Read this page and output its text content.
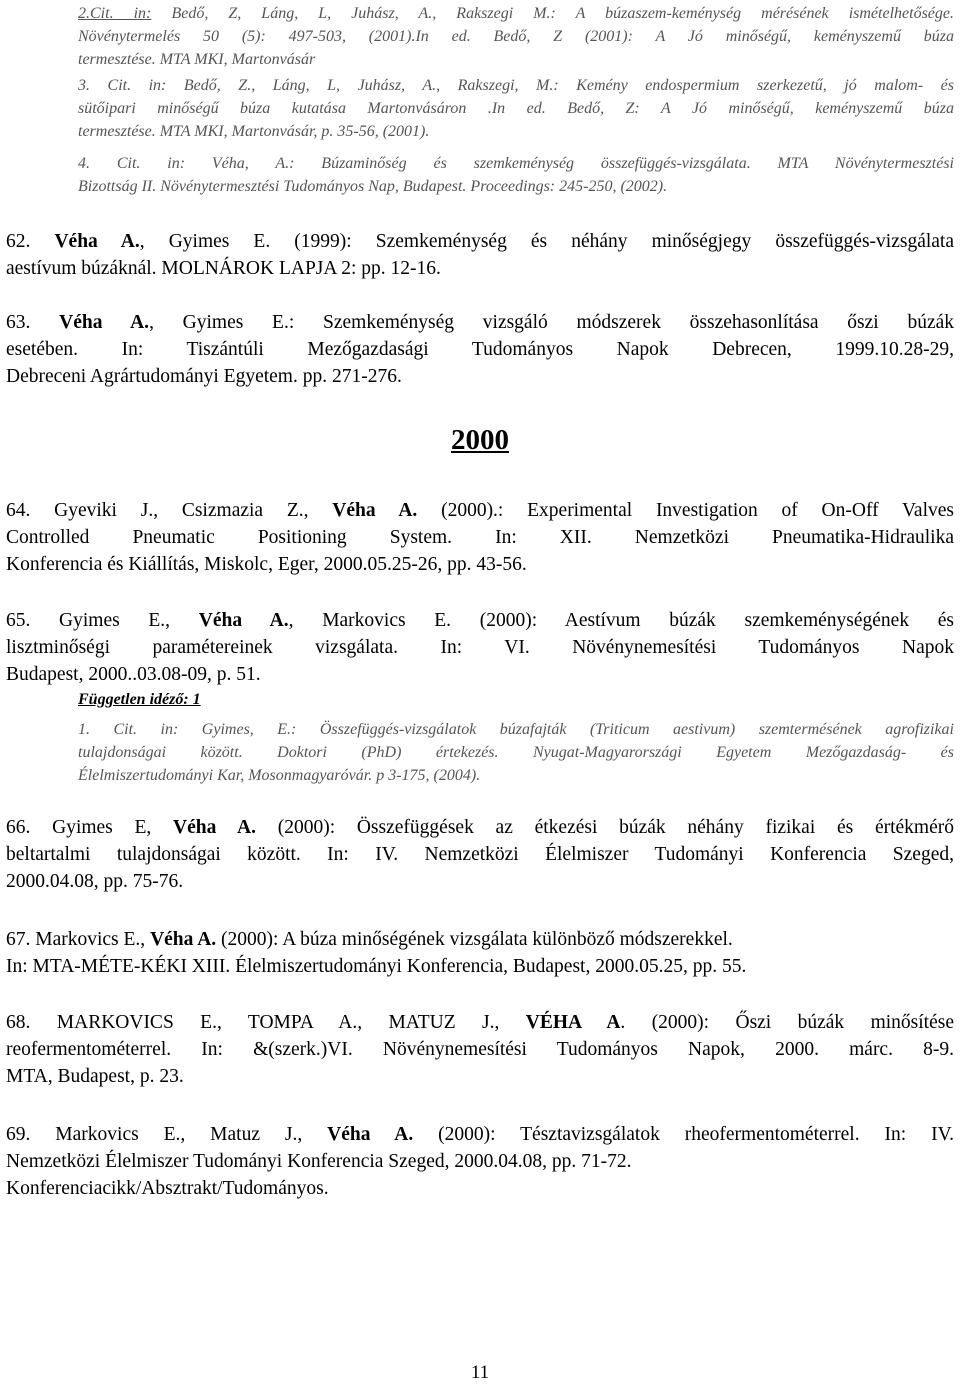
2.Cit. in: Bedő, Z, Láng, L, Juhász, A., Rakszegi M.: A búzaszem-keménység mérésének ismételhetősége.
Növénytermelés 50 (5): 497-503, (2001).In ed. Bedő, Z (2001): A Jó minőségű, keményszemű búza
termesztése. MTA MKI, Martonvásár
3. Cit. in: Bedő, Z., Láng, L, Juhász, A., Rakszegi, M.: Kemény endospermium szerkezetű, jó malom- és
sütőipari minőségű búza kutatása Martonvásáron .In ed. Bedő, Z: A Jó minőségű, keményszemű búza
termesztése. MTA MKI, Martonvásár, p. 35-56, (2001).
4. Cit. in: Véha, A.: Búzaminőség és szemkeménység összefüggés-vizsgálata. MTA Növénytermesztési
Bizottság II. Növénytermesztési Tudományos Nap, Budapest. Proceedings: 245-250, (2002).
62. Véha A., Gyimes E. (1999): Szemkeménység és néhány minőségjegy összefüggés-vizsgálata
aestívum búzáknál. MOLNÁROK LAPJA 2: pp. 12-16.
63. Véha A., Gyimes E.: Szemkeménység vizsgáló módszerek összehasonlítása őszi búzák
esetében. In: Tiszántúli Mezőgazdasági Tudományos Napok Debrecen, 1999.10.28-29,
Debreceni Agrártudományi Egyetem. pp. 271-276.
2000
64. Gyeviki J., Csizmazia Z., Véha A. (2000).: Experimental Investigation of On-Off Valves
Controlled Pneumatic Positioning System. In: XII. Nemzetközi Pneumatika-Hidraulika
Konferencia és Kiállítás, Miskolc, Eger, 2000.05.25-26, pp. 43-56.
65. Gyimes E., Véha A., Markovics E. (2000): Aestívum búzák szemkeménységének és
lisztminőségi paramétereinek vizsgálata. In: VI. Növénynemesítési Tudományos Napok
Budapest, 2000..03.08-09, p. 51.
Független idéző: 1
1. Cit. in: Gyimes, E.: Összefüggés-vizsgálatok búzafajták (Triticum aestivum) szemtermésének agrofizikai
tulajdonságai között. Doktori (PhD) értekezés. Nyugat-Magyarországi Egyetem Mezőgazdaság- és
Élelmiszertudományi Kar, Mosonmagyaróvár. p 3-175, (2004).
66. Gyimes E, Véha A. (2000): Összefüggések az étkezési búzák néhány fizikai és értékmérő
beltartalmi tulajdonságai között. In: IV. Nemzetközi Élelmiszer Tudományi Konferencia Szeged,
2000.04.08, pp. 75-76.
67. Markovics E., Véha A. (2000): A búza minőségének vizsgálata különböző módszerekkel.
In: MTA-MÉTE-KÉKI XIII. Élelmiszertudományi Konferencia, Budapest, 2000.05.25, pp. 55.
68. MARKOVICS E., TOMPA A., MATUZ J., VÉHA A. (2000): Őszi búzák minősítése
reofermentométerrel. In: &(szerk.)VI. Növénynemesítési Tudományos Napok, 2000. márc. 8-9.
MTA, Budapest, p. 23.
69. Markovics E., Matuz J., Véha A. (2000): Tésztavizsgálatok rheofermentométerrel. In: IV.
Nemzetközi Élelmiszer Tudományi Konferencia Szeged, 2000.04.08, pp. 71-72.
Konferenciacikk/Absztrakt/Tudományos.
11
